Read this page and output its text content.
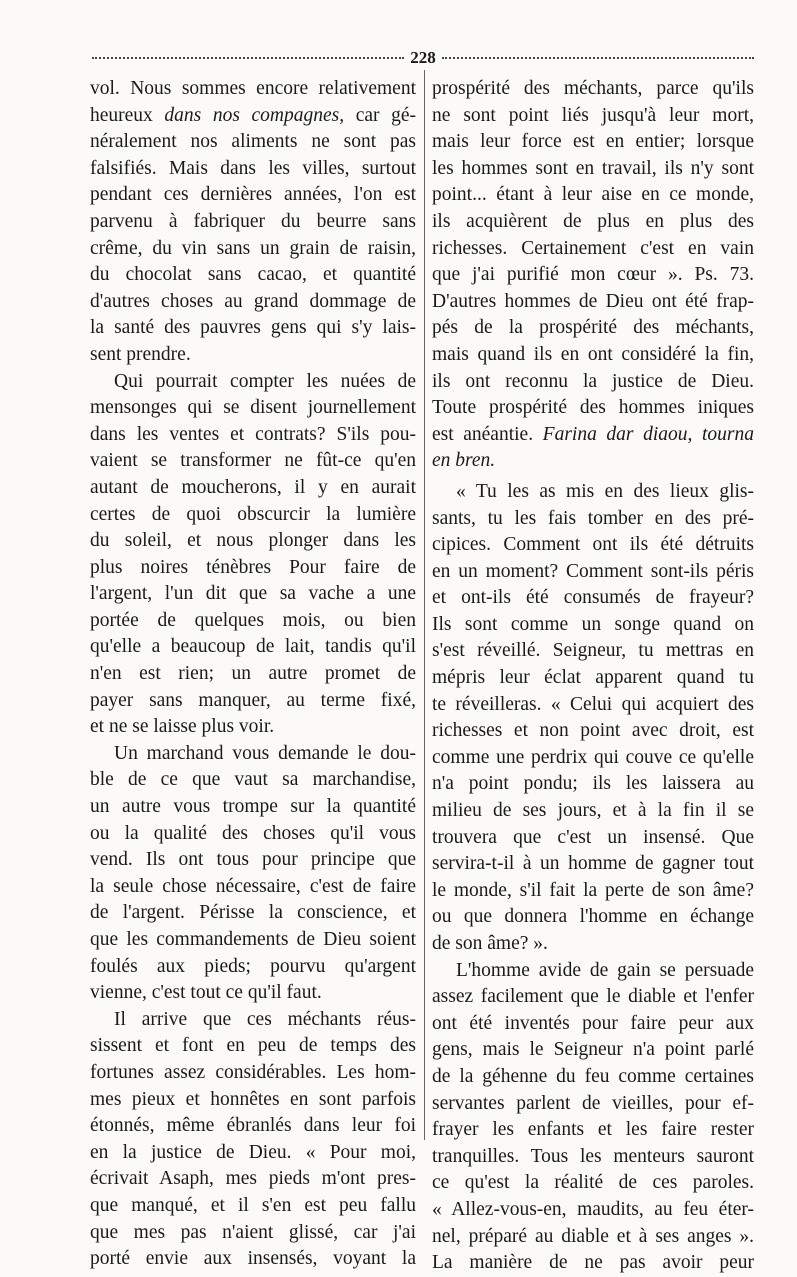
228
vol. Nous sommes encore relativement
heureux dans nos compagnes, car gé-
néralement nos aliments ne sont pas
falsifiés. Mais dans les villes, surtout
pendant ces dernières années, l'on est
parvenu à fabriquer du beurre sans
crême, du vin sans un grain de raisin,
du chocolat sans cacao, et quantité
d'autres choses au grand dommage de
la santé des pauvres gens qui s'y lais-
sent prendre.
Qui pourrait compter les nuées de
mensonges qui se disent journellement
dans les ventes et contrats? S'ils pou-
vaient se transformer ne fût-ce qu'en
autant de moucherons, il y en aurait
certes de quoi obscurcir la lumière
du soleil, et nous plonger dans les
plus noires ténèbres Pour faire de
l'argent, l'un dit que sa vache a une
portée de quelques mois, ou bien
qu'elle a beaucoup de lait, tandis qu'il
n'en est rien; un autre promet de
payer sans manquer, au terme fixé,
et ne se laisse plus voir.
Un marchand vous demande le dou-
ble de ce que vaut sa marchandise,
un autre vous trompe sur la quantité
ou la qualité des choses qu'il vous
vend. Ils ont tous pour principe que
la seule chose nécessaire, c'est de faire
de l'argent. Périsse la conscience, et
que les commandements de Dieu soient
foulés aux pieds; pourvu qu'argent
vienne, c'est tout ce qu'il faut.
Il arrive que ces méchants réus-
sissent et font en peu de temps des
fortunes assez considérables. Les hom-
mes pieux et honnêtes en sont parfois
étonnés, même ébranlés dans leur foi
en la justice de Dieu. « Pour moi,
écrivait Asaph, mes pieds m'ont pres-
que manqué, et il s'en est peu fallu
que mes pas n'aient glissé, car j'ai
porté envie aux insensés, voyant la
prospérité des méchants, parce qu'ils
ne sont point liés jusqu'à leur mort,
mais leur force est en entier; lorsque
les hommes sont en travail, ils n'y sont
point... étant à leur aise en ce monde,
ils acquièrent de plus en plus des
richesses. Certainement c'est en vain
que j'ai purifié mon cœur ». Ps. 73.
D'autres hommes de Dieu ont été frap-
pés de la prospérité des méchants,
mais quand ils en ont considéré la fin,
ils ont reconnu la justice de Dieu.
Toute prospérité des hommes iniques
est anéantie. Farina dar diaou, tourna
en bren.
« Tu les as mis en des lieux glis-
sants, tu les fais tomber en des pré-
cipices. Comment ont ils été détruits
en un moment? Comment sont-ils péris
et ont-ils été consumés de frayeur?
Ils sont comme un songe quand on
s'est réveillé. Seigneur, tu mettras en
mépris leur éclat apparent quand tu
te réveilleras. « Celui qui acquiert des
richesses et non point avec droit, est
comme une perdrix qui couve ce qu'elle
n'a point pondu; ils les laissera au
milieu de ses jours, et à la fin il se
trouvera que c'est un insensé. Que
servira-t-il à un homme de gagner tout
le monde, s'il fait la perte de son âme?
ou que donnera l'homme en échange
de son âme? ».
L'homme avide de gain se persuade
assez facilement que le diable et l'enfer
ont été inventés pour faire peur aux
gens, mais le Seigneur n'a point parlé
de la géhenne du feu comme certaines
servantes parlent de vieilles, pour ef-
frayer les enfants et les faire rester
tranquilles. Tous les menteurs sauront
ce qu'est la réalité de ces paroles.
« Allez-vous-en, maudits, au feu éter-
nel, préparé au diable et à ses anges ».
La manière de ne pas avoir peur
